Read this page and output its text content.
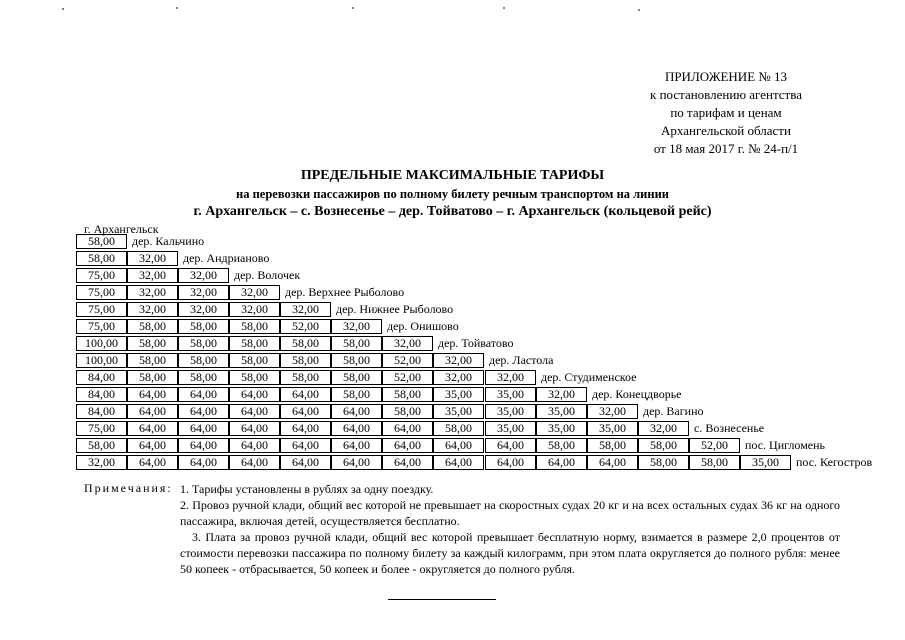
ПРИЛОЖЕНИЕ № 13
к постановлению агентства
по тарифам и ценам
Архангельской области
от 18 мая 2017 г. № 24-п/1
ПРЕДЕЛЬНЫЕ МАКСИМАЛЬНЫЕ ТАРИФЫ
на перевозки пассажиров по полному билету речным транспортом на линии
г. Архангельск – с. Вознесенье – дер. Тойватово – г. Архангельск (кольцевой рейс)
г. Архангельск
58,00	дер. Кальчино
58,00	32,00	дер. Андрианово
75,00	32,00	32,00	дер. Волочек
75,00	32,00	32,00	32,00	дер. Верхнее Рыболово
75,00	32,00	32,00	32,00	32,00	дер. Нижнее Рыболово
75,00	58,00	58,00	58,00	52,00	32,00	дер. Онишово
100,00	58,00	58,00	58,00	58,00	58,00	32,00	дер. Тойватово
100,00	58,00	58,00	58,00	58,00	58,00	52,00	32,00	дер. Ластола
84,00	58,00	58,00	58,00	58,00	58,00	52,00	32,00	32,00	дер. Студименское
84,00	64,00	64,00	64,00	64,00	58,00	58,00	35,00	35,00	32,00	дер. Конецдворье
84,00	64,00	64,00	64,00	64,00	64,00	58,00	35,00	35,00	35,00	32,00	дер. Вагино
75,00	64,00	64,00	64,00	64,00	64,00	64,00	58,00	35,00	35,00	35,00	32,00	с. Вознесенье
58,00	64,00	64,00	64,00	64,00	64,00	64,00	64,00	64,00	58,00	58,00	58,00	52,00	пос. Цигломень
32,00	64,00	64,00	64,00	64,00	64,00	64,00	64,00	64,00	64,00	64,00	58,00	58,00	35,00	пос. Кегостров
Примечания: 1. Тарифы установлены в рублях за одну поездку.
2. Провоз ручной клади, общий вес которой не превышает на скоростных судах 20 кг и на всех остальных судах 36 кг на одного пассажира, включая детей, осуществляется бесплатно.
3. Плата за провоз ручной клади, общий вес которой превышает бесплатную норму, взимается в размере 2,0 процентов от стоимости перевозки пассажира по полному билету за каждый килограмм, при этом плата округляется до полного рубля: менее 50 копеек - отбрасывается, 50 копеек и более - округляется до полного рубля.
